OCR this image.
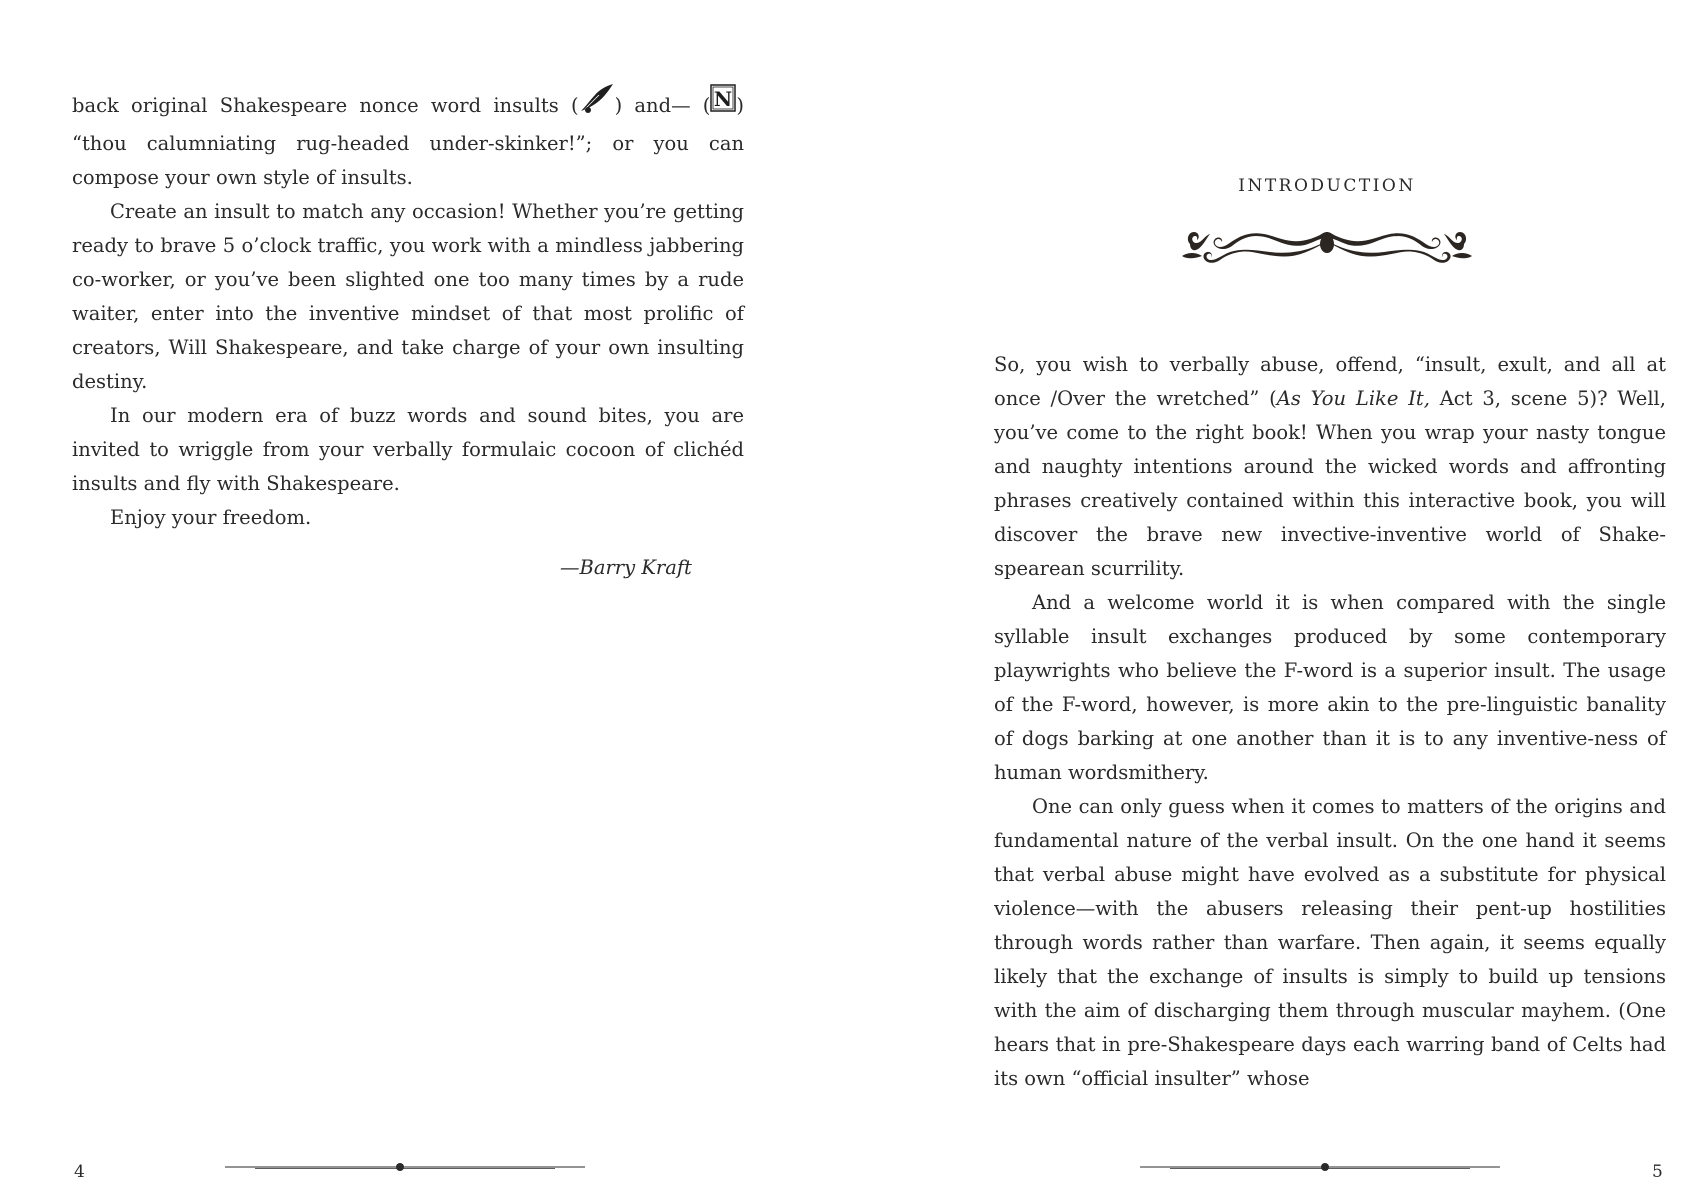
back original Shakespeare nonce word insults ( ) and— ( N ) “thou calumniating rug-headed under-skinker!”; or you can compose your own style of insults.

Create an insult to match any occasion! Whether you’re getting ready to brave 5 o’clock traffic, you work with a mindless jabbering co-worker, or you’ve been slighted one too many times by a rude waiter, enter into the inventive mindset of that most prolific of creators, Will Shakespeare, and take charge of your own insulting destiny.

In our modern era of buzz words and sound bites, you are invited to wriggle from your verbally formulaic cocoon of clichéd insults and fly with Shakespeare.

Enjoy your freedom.

—Barry Kraft
4
INTRODUCTION

So, you wish to verbally abuse, offend, “insult, exult, and all at once /Over the wretched” (As You Like It, Act 3, scene 5)? Well, you’ve come to the right book! When you wrap your nasty tongue and naughty intentions around the wicked words and affronting phrases creatively contained within this interactive book, you will discover the brave new invective-inventive world of Shake-spearean scurrility.

And a welcome world it is when compared with the single syllable insult exchanges produced by some contemporary playwrights who believe the F-word is a superior insult. The usage of the F-word, however, is more akin to the pre-linguistic banality of dogs barking at one another than it is to any inventive-ness of human wordsmithery.

One can only guess when it comes to matters of the origins and fundamental nature of the verbal insult. On the one hand it seems that verbal abuse might have evolved as a substitute for physical violence—with the abusers releasing their pent-up hostilities through words rather than warfare. Then again, it seems equally likely that the exchange of insults is simply to build up tensions with the aim of discharging them through muscular mayhem. (One hears that in pre-Shakespeare days each warring band of Celts had its own “official insulter” whose

5
